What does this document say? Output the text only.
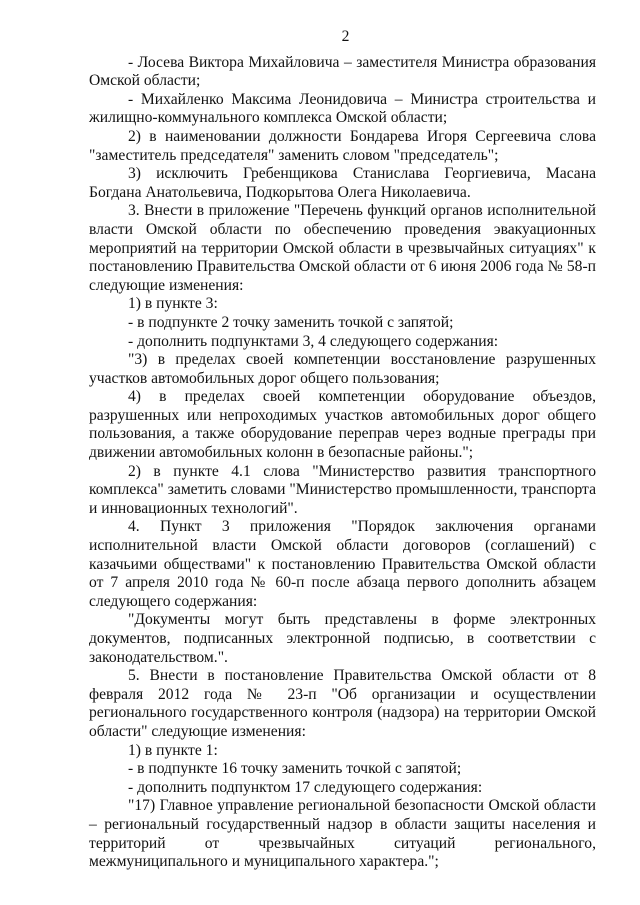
2

- Лосева Виктора Михайловича – заместителя Министра образования Омской области;

- Михайленко Максима Леонидовича – Министра строительства и жилищно-коммунального комплекса Омской области;

2) в наименовании должности Бондарева Игоря Сергеевича слова "заместитель председателя" заменить словом "председатель";

3) исключить Гребенщикова Станислава Георгиевича, Масана Богдана Анатольевича, Подкорытова Олега Николаевича.

3. Внести в приложение "Перечень функций органов исполнительной власти Омской области по обеспечению проведения эвакуационных мероприятий на территории Омской области в чрезвычайных ситуациях" к постановлению Правительства Омской области от 6 июня 2006 года № 58-п следующие изменения:

1) в пункте 3:

- в подпункте 2 точку заменить точкой с запятой;

- дополнить подпунктами 3, 4 следующего содержания:

"3) в пределах своей компетенции восстановление разрушенных участков автомобильных дорог общего пользования;

4) в пределах своей компетенции оборудование объездов, разрушенных или непроходимых участков автомобильных дорог общего пользования, а также оборудование переправ через водные преграды при движении автомобильных колонн в безопасные районы.";

2) в пункте 4.1 слова "Министерство развития транспортного комплекса" заметить словами "Министерство промышленности, транспорта и инновационных технологий".

4. Пункт 3 приложения "Порядок заключения органами исполнительной власти Омской области договоров (соглашений) с казачьими обществами" к постановлению Правительства Омской области от 7 апреля 2010 года № 60-п после абзаца первого дополнить абзацем следующего содержания:

"Документы могут быть представлены в форме электронных документов, подписанных электронной подписью, в соответствии с законодательством.".

5. Внести в постановление Правительства Омской области от 8 февраля 2012 года № 23-п "Об организации и осуществлении регионального государственного контроля (надзора) на территории Омской области" следующие изменения:

1) в пункте 1:

- в подпункте 16 точку заменить точкой с запятой;

- дополнить подпунктом 17 следующего содержания:

"17) Главное управление региональной безопасности Омской области – региональный государственный надзор в области защиты населения и территорий от чрезвычайных ситуаций регионального, межмуниципального и муниципального характера.";
